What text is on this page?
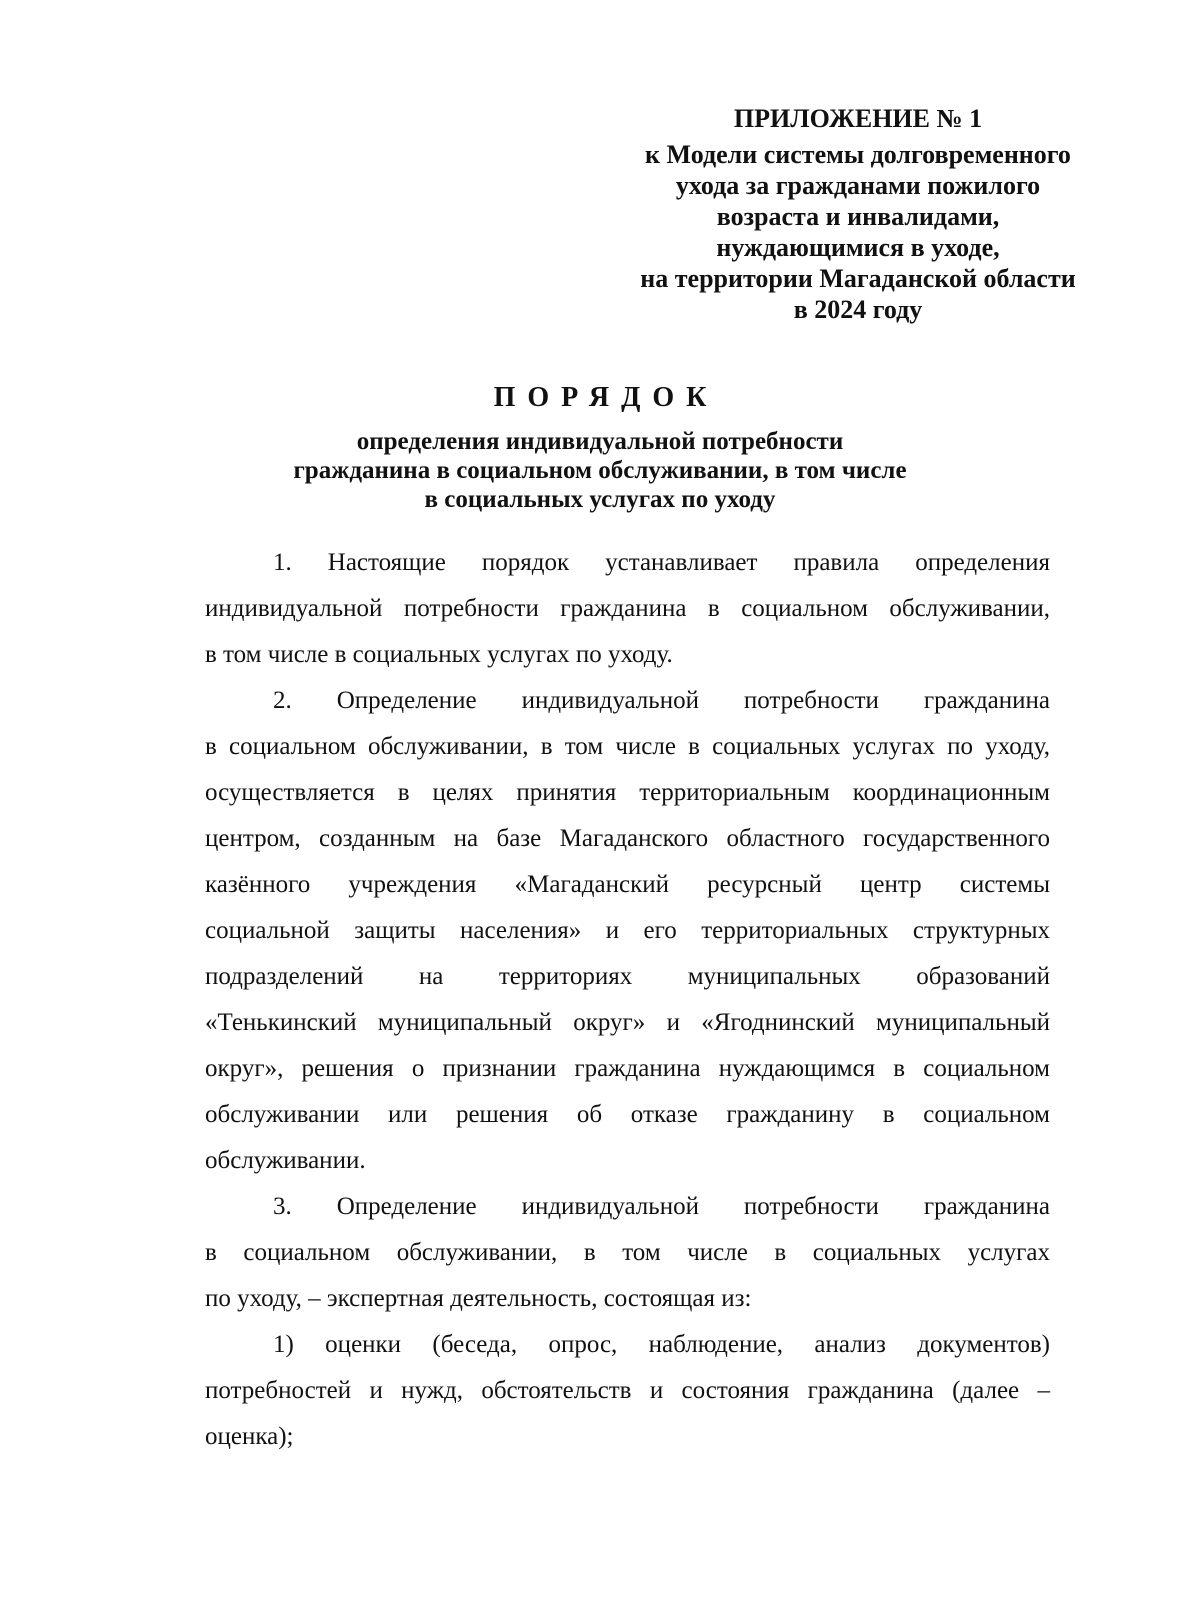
ПРИЛОЖЕНИЕ № 1
к Модели системы долговременного
ухода за гражданами пожилого
возраста и инвалидами,
нуждающимися в уходе,
на территории Магаданской области
в 2024 году
ПОРЯДОК
определения индивидуальной потребности
гражданина в социальном обслуживании, в том числе
в социальных услугах по уходу
1. Настоящие порядок устанавливает правила определения
индивидуальной потребности гражданина в социальном обслуживании,
в том числе в социальных услугах по уходу.
2. Определение индивидуальной потребности гражданина
в социальном обслуживании, в том числе в социальных услугах по уходу,
осуществляется в целях принятия территориальным координационным
центром, созданным на базе Магаданского областного государственного
казённого учреждения «Магаданский ресурсный центр системы
социальной защиты населения» и его территориальных структурных
подразделений на территориях муниципальных образований
«Тенькинский муниципальный округ» и «Ягоднинский муниципальный
округ», решения о признании гражданина нуждающимся в социальном
обслуживании или решения об отказе гражданину в социальном
обслуживании.
3. Определение индивидуальной потребности гражданина
в социальном обслуживании, в том числе в социальных услугах
по уходу, – экспертная деятельность, состоящая из:
1) оценки (беседа, опрос, наблюдение, анализ документов)
потребностей и нужд, обстоятельств и состояния гражданина (далее –
оценка);
